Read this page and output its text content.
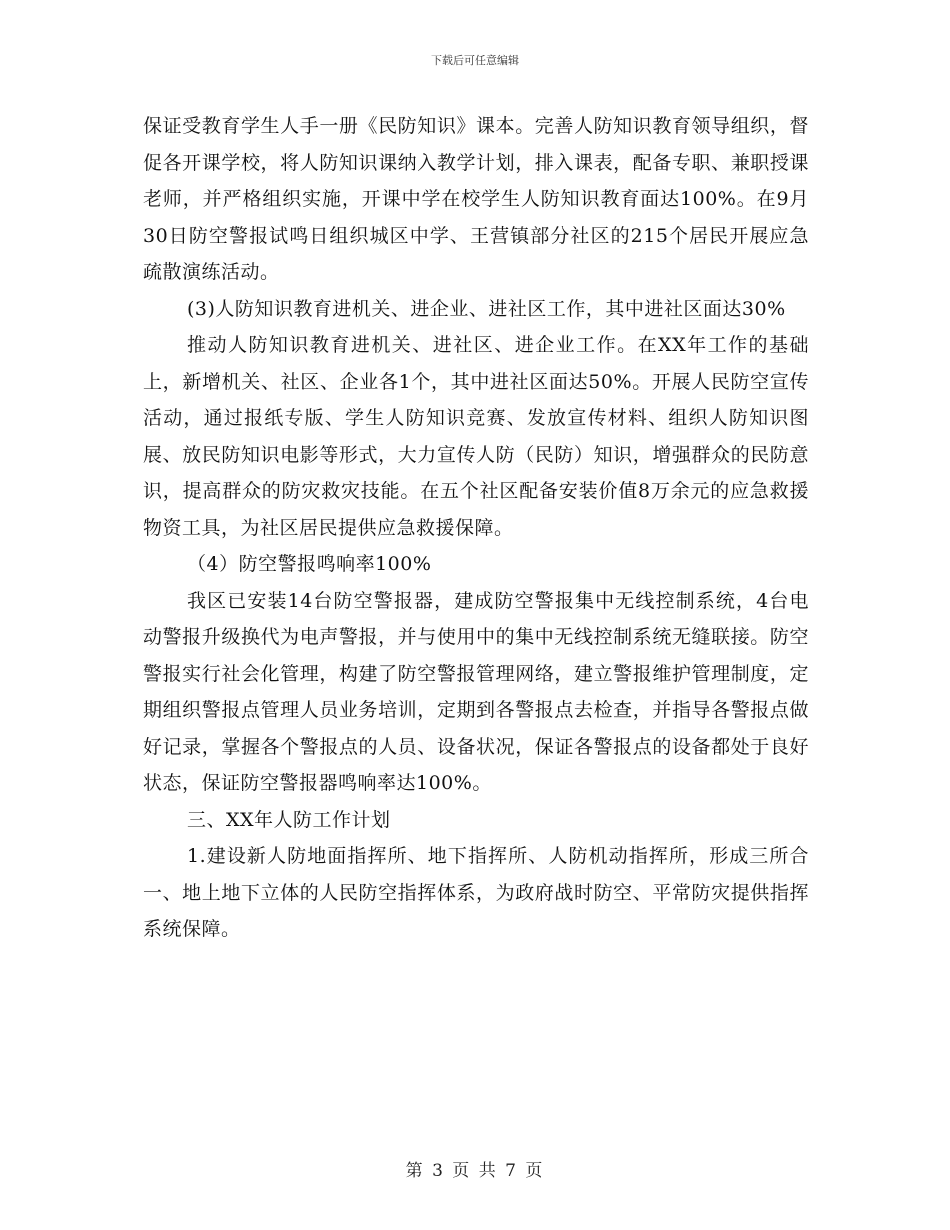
下载后可任意编辑

保证受教育学生人手一册《民防知识》课本。完善人防知识教育领导组织，督促各开课学校，将人防知识课纳入教学计划，排入课表，配备专职、兼职授课老师，并严格组织实施，开课中学在校学生人防知识教育面达100%。在9月30日防空警报试鸣日组织城区中学、王营镇部分社区的215个居民开展应急疏散演练活动。

(3)人防知识教育进机关、进企业、进社区工作，其中进社区面达30%

推动人防知识教育进机关、进社区、进企业工作。在XX年工作的基础上，新增机关、社区、企业各1个，其中进社区面达50%。开展人民防空宣传活动，通过报纸专版、学生人防知识竞赛、发放宣传材料、组织人防知识图展、放民防知识电影等形式，大力宣传人防（民防）知识，增强群众的民防意识，提高群众的防灾救灾技能。在五个社区配备安装价值8万余元的应急救援物资工具，为社区居民提供应急救援保障。

（4）防空警报鸣响率100%

我区已安装14台防空警报器，建成防空警报集中无线控制系统，4台电动警报升级换代为电声警报，并与使用中的集中无线控制系统无缝联接。防空警报实行社会化管理，构建了防空警报管理网络，建立警报维护管理制度，定期组织警报点管理人员业务培训，定期到各警报点去检查，并指导各警报点做好记录，掌握各个警报点的人员、设备状况，保证各警报点的设备都处于良好状态，保证防空警报器鸣响率达100%。

三、XX年人防工作计划

1.建设新人防地面指挥所、地下指挥所、人防机动指挥所，形成三所合一、地上地下立体的人民防空指挥体系，为政府战时防空、平常防灾提供指挥系统保障。

第 3 页 共 7 页
